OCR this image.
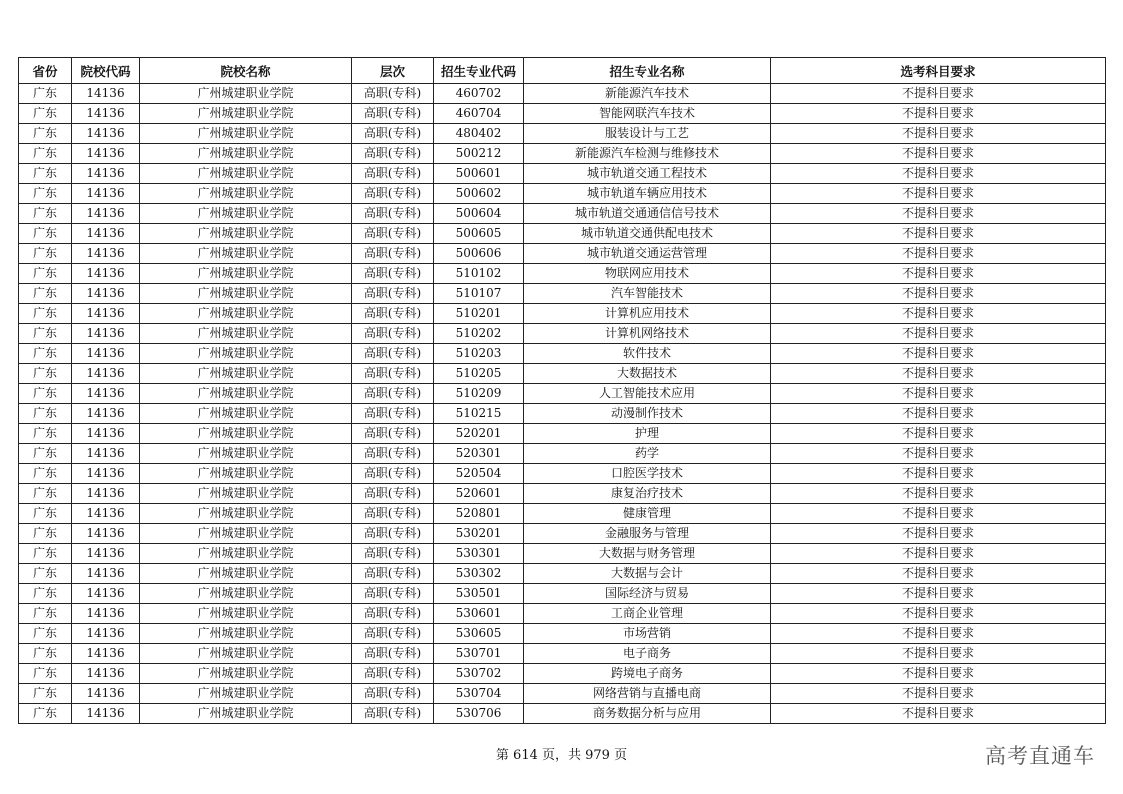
省份	院校代码	院校名称	层次	招生专业代码	招生专业名称	选考科目要求
广东	14136	广州城建职业学院	高职(专科)	460702	新能源汽车技术	不提科目要求
广东	14136	广州城建职业学院	高职(专科)	460704	智能网联汽车技术	不提科目要求
广东	14136	广州城建职业学院	高职(专科)	480402	服装设计与工艺	不提科目要求
广东	14136	广州城建职业学院	高职(专科)	500212	新能源汽车检测与维修技术	不提科目要求
广东	14136	广州城建职业学院	高职(专科)	500601	城市轨道交通工程技术	不提科目要求
广东	14136	广州城建职业学院	高职(专科)	500602	城市轨道车辆应用技术	不提科目要求
广东	14136	广州城建职业学院	高职(专科)	500604	城市轨道交通通信信号技术	不提科目要求
广东	14136	广州城建职业学院	高职(专科)	500605	城市轨道交通供配电技术	不提科目要求
广东	14136	广州城建职业学院	高职(专科)	500606	城市轨道交通运营管理	不提科目要求
广东	14136	广州城建职业学院	高职(专科)	510102	物联网应用技术	不提科目要求
广东	14136	广州城建职业学院	高职(专科)	510107	汽车智能技术	不提科目要求
广东	14136	广州城建职业学院	高职(专科)	510201	计算机应用技术	不提科目要求
广东	14136	广州城建职业学院	高职(专科)	510202	计算机网络技术	不提科目要求
广东	14136	广州城建职业学院	高职(专科)	510203	软件技术	不提科目要求
广东	14136	广州城建职业学院	高职(专科)	510205	大数据技术	不提科目要求
广东	14136	广州城建职业学院	高职(专科)	510209	人工智能技术应用	不提科目要求
广东	14136	广州城建职业学院	高职(专科)	510215	动漫制作技术	不提科目要求
广东	14136	广州城建职业学院	高职(专科)	520201	护理	不提科目要求
广东	14136	广州城建职业学院	高职(专科)	520301	药学	不提科目要求
广东	14136	广州城建职业学院	高职(专科)	520504	口腔医学技术	不提科目要求
广东	14136	广州城建职业学院	高职(专科)	520601	康复治疗技术	不提科目要求
广东	14136	广州城建职业学院	高职(专科)	520801	健康管理	不提科目要求
广东	14136	广州城建职业学院	高职(专科)	530201	金融服务与管理	不提科目要求
广东	14136	广州城建职业学院	高职(专科)	530301	大数据与财务管理	不提科目要求
广东	14136	广州城建职业学院	高职(专科)	530302	大数据与会计	不提科目要求
广东	14136	广州城建职业学院	高职(专科)	530501	国际经济与贸易	不提科目要求
广东	14136	广州城建职业学院	高职(专科)	530601	工商企业管理	不提科目要求
广东	14136	广州城建职业学院	高职(专科)	530605	市场营销	不提科目要求
广东	14136	广州城建职业学院	高职(专科)	530701	电子商务	不提科目要求
广东	14136	广州城建职业学院	高职(专科)	530702	跨境电子商务	不提科目要求
广东	14136	广州城建职业学院	高职(专科)	530704	网络营销与直播电商	不提科目要求
广东	14136	广州城建职业学院	高职(专科)	530706	商务数据分析与应用	不提科目要求
第 614 页，共 979 页	高考直通车
